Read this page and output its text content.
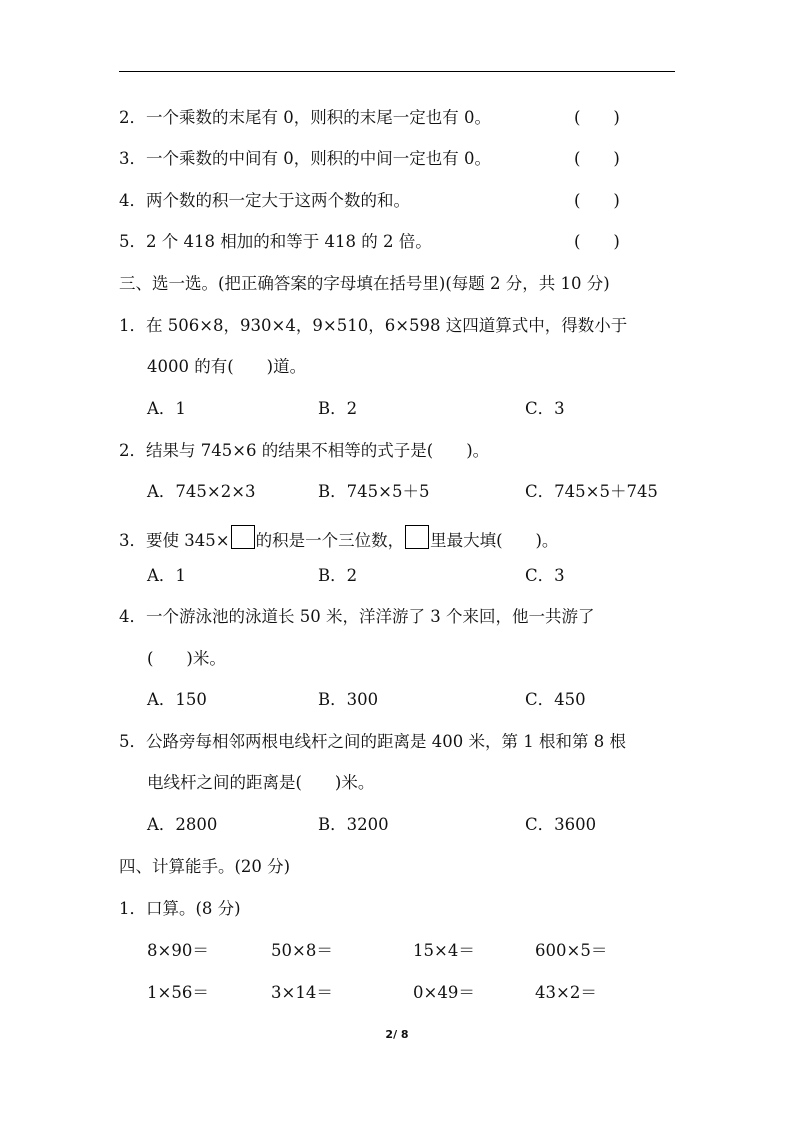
2．一个乘数的末尾有 0，则积的末尾一定也有 0。	(　　)
3．一个乘数的中间有 0，则积的中间一定也有 0。	(　　)
4．两个数的积一定大于这两个数的和。	(　　)
5．2 个 418 相加的和等于 418 的 2 倍。	(　　)
三、选一选。(把正确答案的字母填在括号里)(每题 2 分，共 10 分)
1．在 506×8，930×4，9×510，6×598 这四道算式中，得数小于
4000 的有(　　)道。
A．1	B．2	C．3
2．结果与 745×6 的结果不相等的式子是(　　)。
A．745×2×3	B．745×5＋5	C．745×5＋745
3．要使 345× 的积是一个三位数， 里最大填(　　)。
A．1	B．2	C．3
4．一个游泳池的泳道长 50 米，洋洋游了 3 个来回，他一共游了
(　　)米。
A．150	B．300	C．450
5．公路旁每相邻两根电线杆之间的距离是 400 米，第 1 根和第 8 根
电线杆之间的距离是(　　)米。
A．2800	B．3200	C．3600
四、计算能手。(20 分)
1．口算。(8 分)
8×90＝	50×8＝	15×4＝	600×5＝
1×56＝	3×14＝	0×49＝	43×2＝
2/ 8
